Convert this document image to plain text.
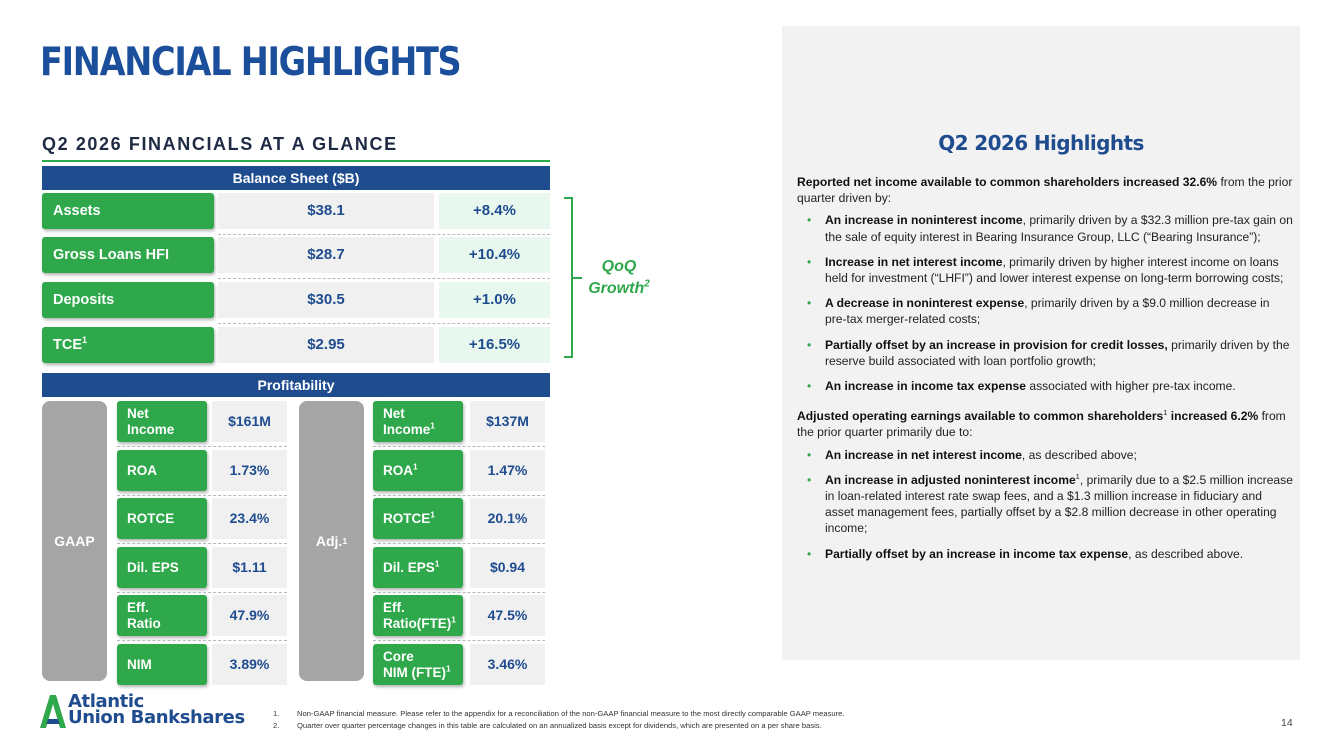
FINANCIAL HIGHLIGHTS
Q2 2026 FINANCIALS AT A GLANCE
Balance Sheet ($B)
Assets	$38.1	+8.4%
Gross Loans HFI	$28.7	+10.4%
Deposits	$30.5	+1.0%
TCE$^1$	$2.95	+16.5%
QoQ
Growth$^2$
Profitability
GAAP	Adj. 1
Net
Income	$161M
ROA	1.73%
ROTCE	23.4%
Dil. EPS	$1.11
Eff.
Ratio	47.9%
NIM	3.89%
Net
Income$^1$	$137M
ROA$^1$	1.47%
ROTCE$^1$	20.1%
Dil. EPS$^1$	$0.94
Eff.
Ratio(FTE)$^1$	47.5%
Core
NIM (FTE)$^1$	3.46%
Q2 2026 Highlights
Reported net income available to common shareholders increased 32.6% from the prior quarter driven by:
• An increase in noninterest income, primarily driven by a $32.3 million pre-tax gain on the sale of equity interest in Bearing Insurance Group, LLC (“Bearing Insurance”);
• Increase in net interest income, primarily driven by higher interest income on loans held for investment (“LHFI”) and lower interest expense on long-term borrowing costs;
• A decrease in noninterest expense, primarily driven by a $9.0 million decrease in pre-tax merger-related costs;
• Partially offset by an increase in provision for credit losses, primarily driven by the reserve build associated with loan portfolio growth;
• An increase in income tax expense associated with higher pre-tax income.
Adjusted operating earnings available to common shareholders$^1$ increased 6.2% from the prior quarter primarily due to:
• An increase in net interest income, as described above;
• An increase in adjusted noninterest income$^1$, primarily due to a $2.5 million increase in loan-related interest rate swap fees, and a $1.3 million increase in fiduciary and asset management fees, partially offset by a $2.8 million decrease in other operating income;
• Partially offset by an increase in income tax expense, as described above.
Atlantic
Union Bankshares	1. Non-GAAP financial measure. Please refer to the appendix for a reconciliation of the non-GAAP financial measure to the most directly comparable GAAP measure.
2. Quarter over quarter percentage changes in this table are calculated on an annualized basis except for dividends, which are presented on a per share basis.	14
